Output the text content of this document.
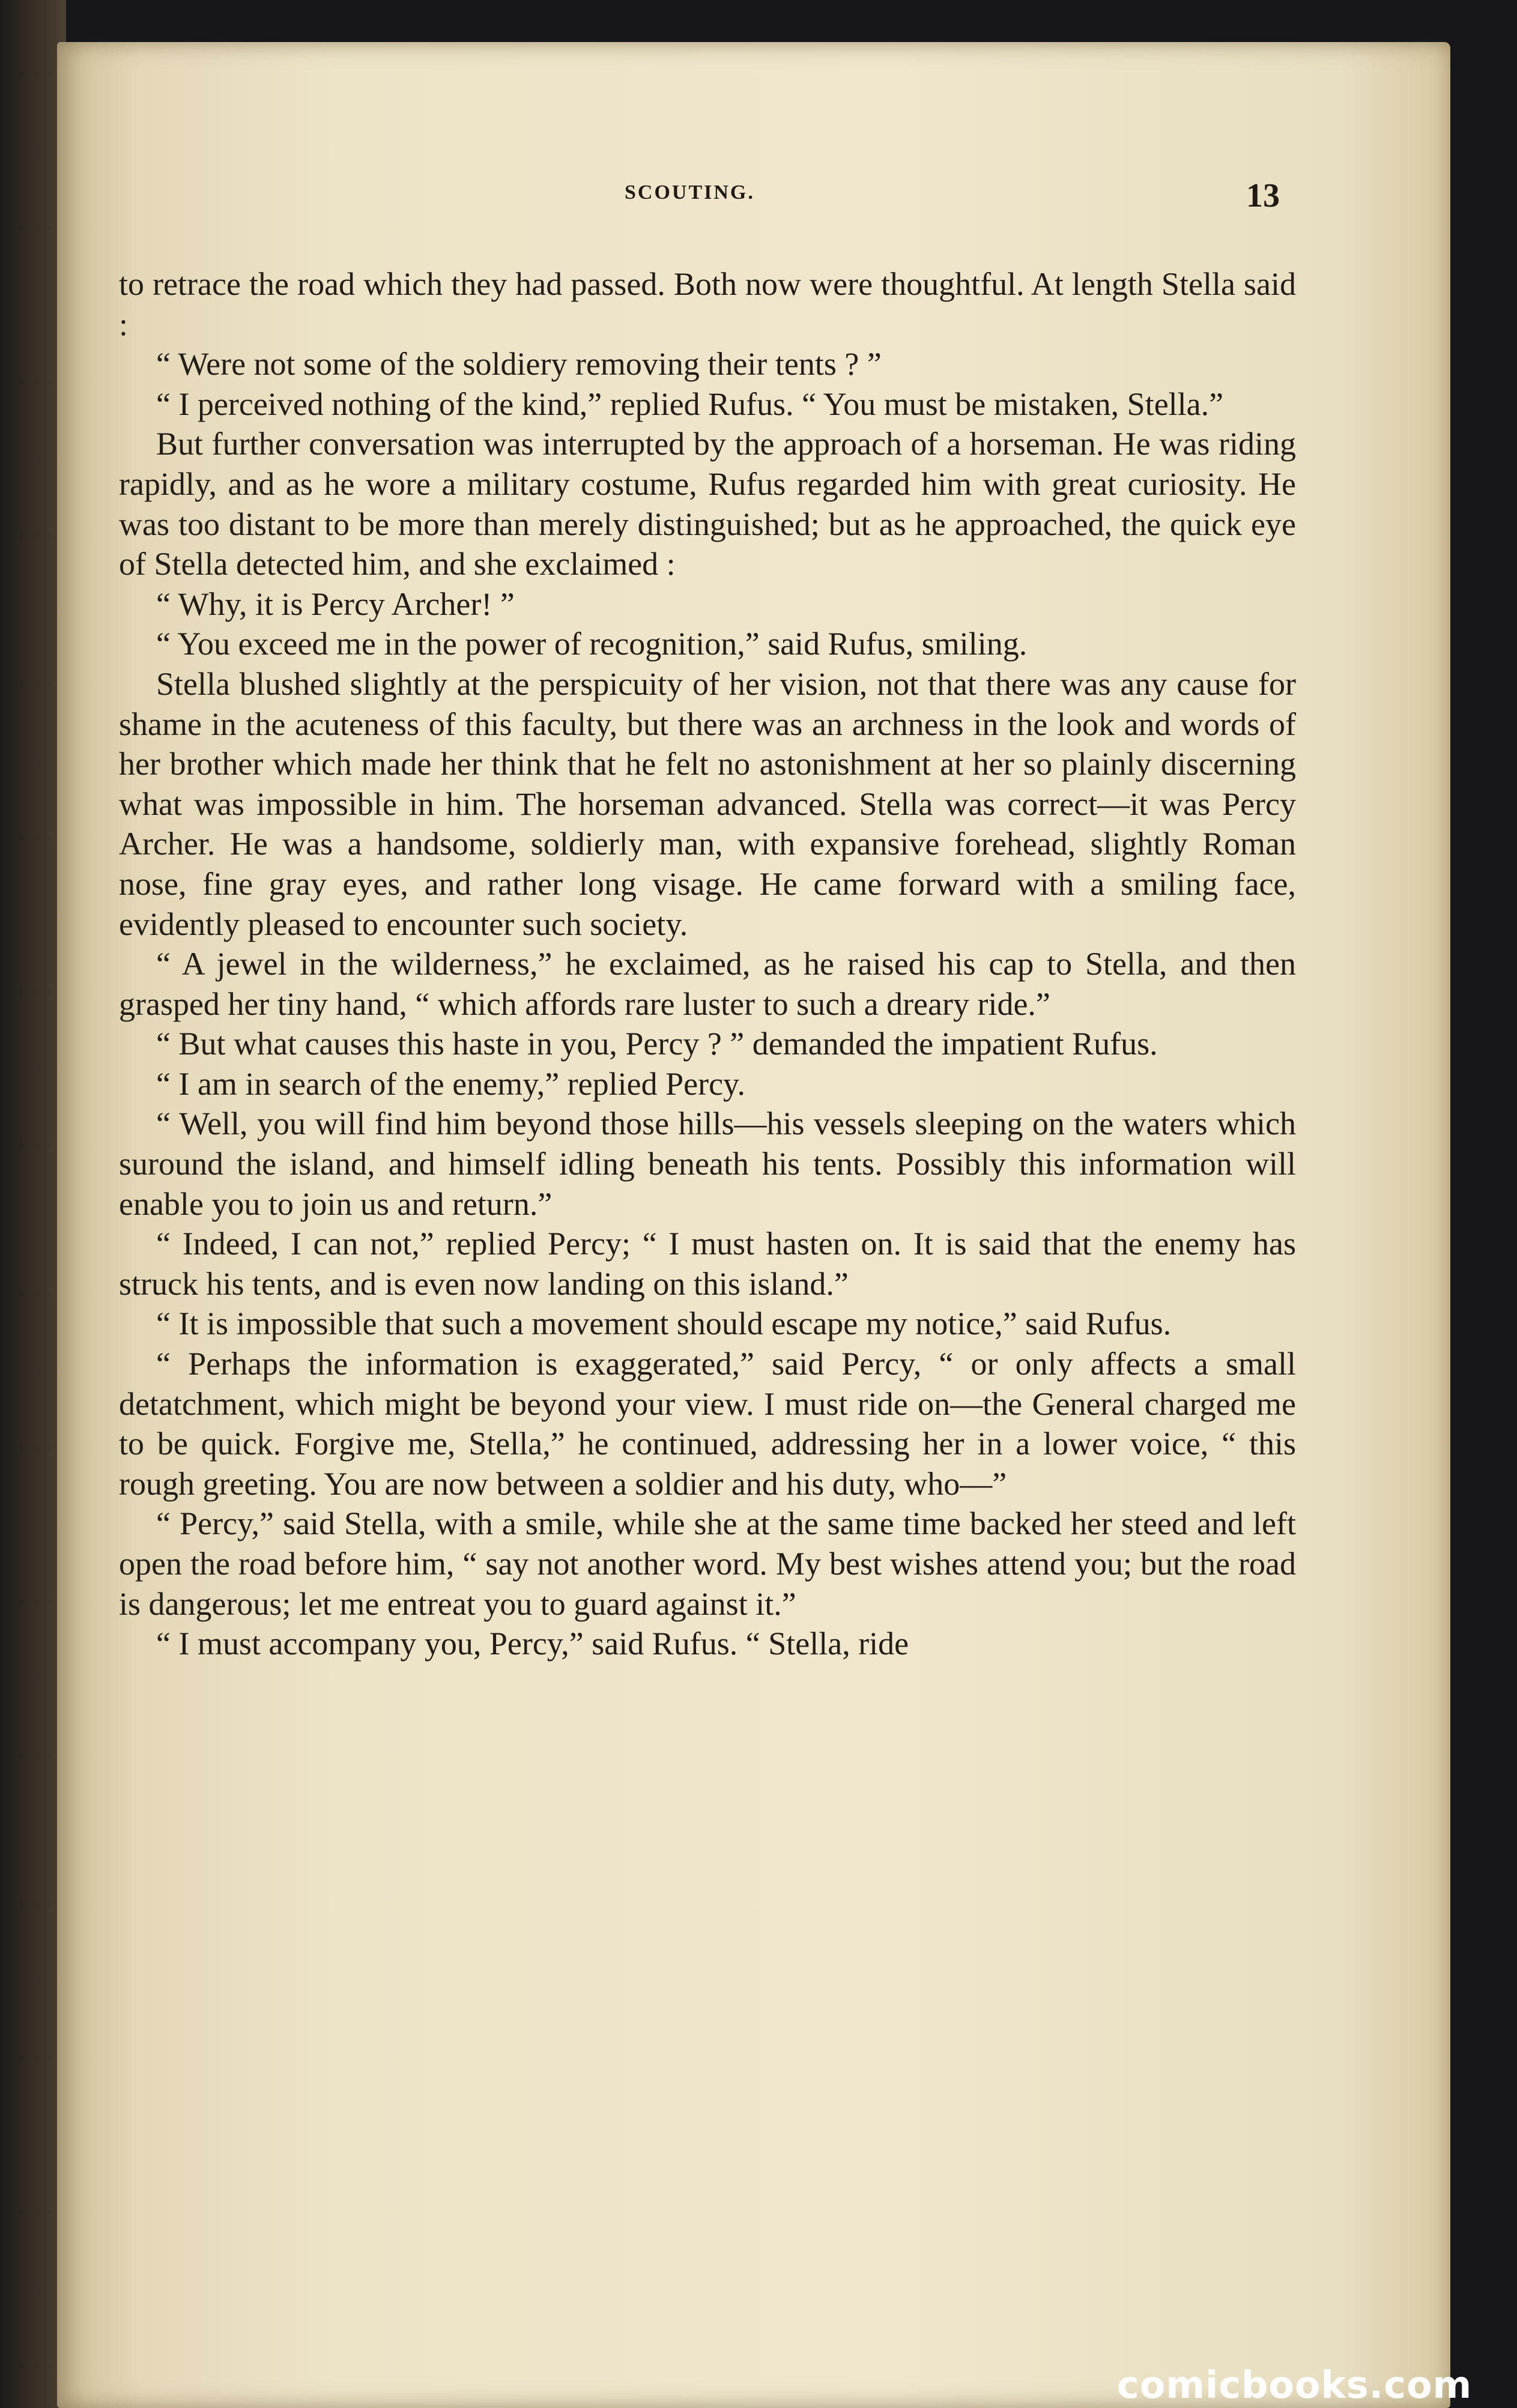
SCOUTING.	13

to retrace the road which they had passed. Both now were thoughtful. At length Stella said :

“ Were not some of the soldiery removing their tents ? ”

“ I perceived nothing of the kind,” replied Rufus. “ You must be mistaken, Stella.”

But further conversation was interrupted by the approach of a horseman. He was riding rapidly, and as he wore a military costume, Rufus regarded him with great curiosity. He was too distant to be more than merely distinguished; but as he approached, the quick eye of Stella detected him, and she exclaimed :

“ Why, it is Percy Archer! ”

“ You exceed me in the power of recognition,” said Rufus, smiling.

Stella blushed slightly at the perspicuity of her vision, not that there was any cause for shame in the acuteness of this faculty, but there was an archness in the look and words of her brother which made her think that he felt no astonishment at her so plainly discerning what was impossible in him. The horseman advanced. Stella was correct—it was Percy Archer. He was a handsome, soldierly man, with expansive forehead, slightly Roman nose, fine gray eyes, and rather long visage. He came forward with a smiling face, evidently pleased to encounter such society.

“ A jewel in the wilderness,” he exclaimed, as he raised his cap to Stella, and then grasped her tiny hand, “ which affords rare luster to such a dreary ride.”

“ But what causes this haste in you, Percy ? ” demanded the impatient Rufus.

“ I am in search of the enemy,” replied Percy.

“ Well, you will find him beyond those hills—his vessels sleeping on the waters which suround the island, and himself idling beneath his tents. Possibly this information will enable you to join us and return.”

“ Indeed, I can not,” replied Percy; “ I must hasten on. It is said that the enemy has struck his tents, and is even now landing on this island.”

“ It is impossible that such a movement should escape my notice,” said Rufus.

“ Perhaps the information is exaggerated,” said Percy, “ or only affects a small detatchment, which might be beyond your view. I must ride on—the General charged me to be quick. Forgive me, Stella,” he continued, addressing her in a lower voice, “ this rough greeting. You are now between a soldier and his duty, who—”

“ Percy,” said Stella, with a smile, while she at the same time backed her steed and left open the road before him, “ say not another word. My best wishes attend you; but the road is dangerous; let me entreat you to guard against it.”

“ I must accompany you, Percy,” said Rufus. “ Stella, ride

comicbooks.com
